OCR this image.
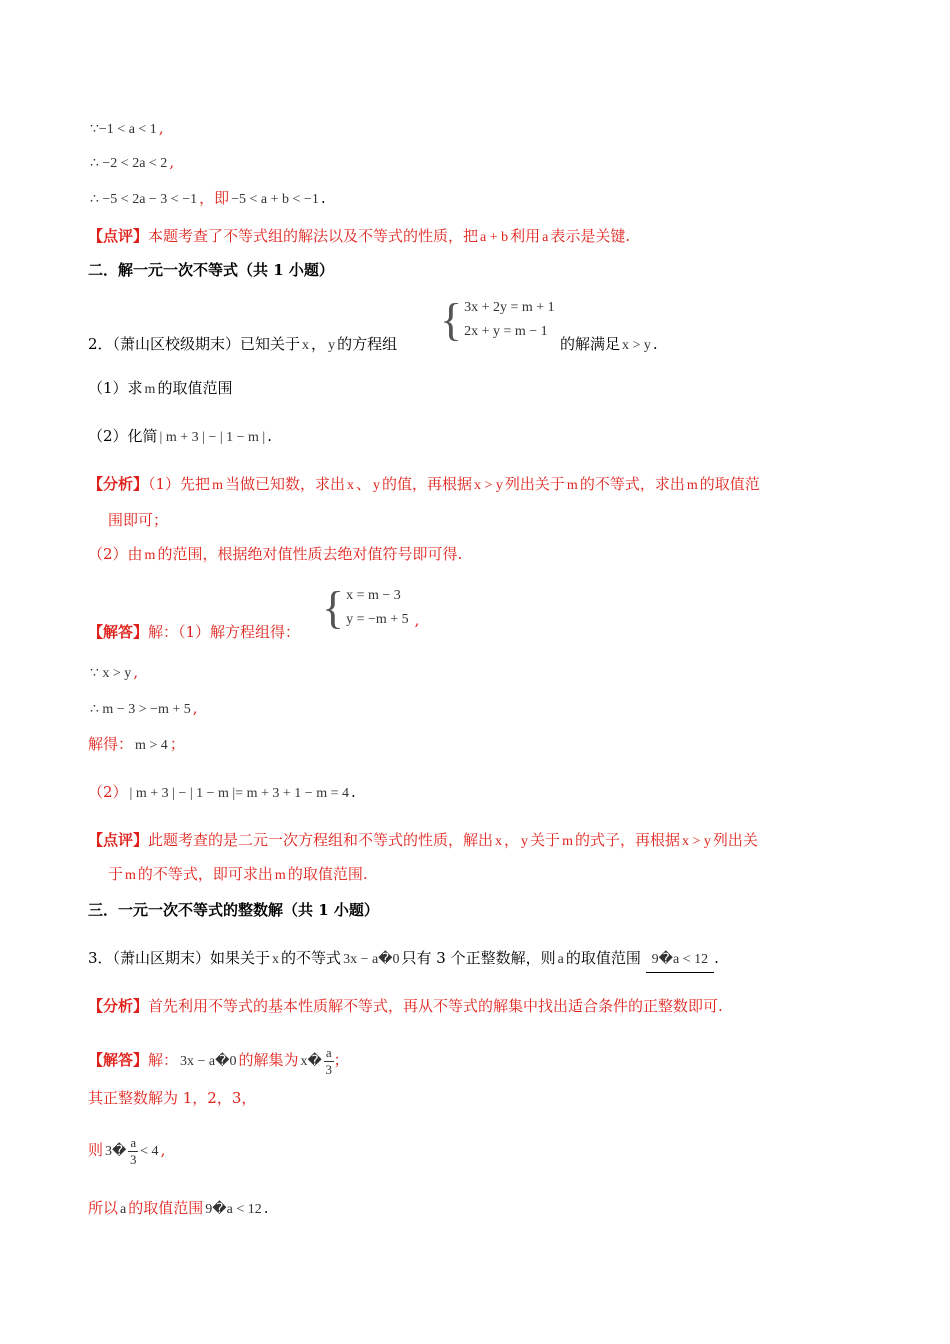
∵−1 < a < 1 ,
∴ −2 < 2a < 2 ,
∴ −5 < 2a − 3 < −1 ，即 −5 < a + b < −1 .
【点评】本题考查了不等式组的解法以及不等式的性质，把 a + b 利用 a 表示是关键.
二．解一元一次不等式（共 1 小题）
2．（萧山区校级期末）已知关于 x ， y 的方程组 { 3x + 2y = m + 1
2x + y = m − 1
的解满足 x > y .
（1）求 m 的取值范围
（2）化简 | m + 3 | − | 1 − m | .
【分析】（1）先把 m 当做已知数，求出 x 、 y 的值，再根据 x > y 列出关于 m 的不等式，求出 m 的取值范
围即可；
（2）由 m 的范围，根据绝对值性质去绝对值符号即可得.
【解答】解：（1）解方程组得： { x = m − 3
y = −m + 5 ,
∵ x > y ,
∴ m − 3 > −m + 5 ,
解得： m > 4 ；
（2） | m + 3 | − | 1 − m |= m + 3 + 1 − m = 4 .
【点评】此题考查的是二元一次方程组和不等式的性质，解出 x ， y 关于 m 的式子，再根据 x > y 列出关
于 m 的不等式，即可求出 m 的取值范围.
三．一元一次不等式的整数解（共 1 小题）
3．（萧山区期末）如果关于 x 的不等式 3x − a�0 只有 3 个正整数解，则 a 的取值范围 9�a < 12 .
【分析】首先利用不等式的基本性质解不等式，再从不等式的解集中找出适合条件的正整数即可.
【解答】解： 3x − a�0 的解集为 x� $\frac{a}{3}$ ；
其正整数解为 1，2，3，
则 3� $\frac{a}{3} < 4$ ,
所以 a 的取值范围 9�a < 12 .
